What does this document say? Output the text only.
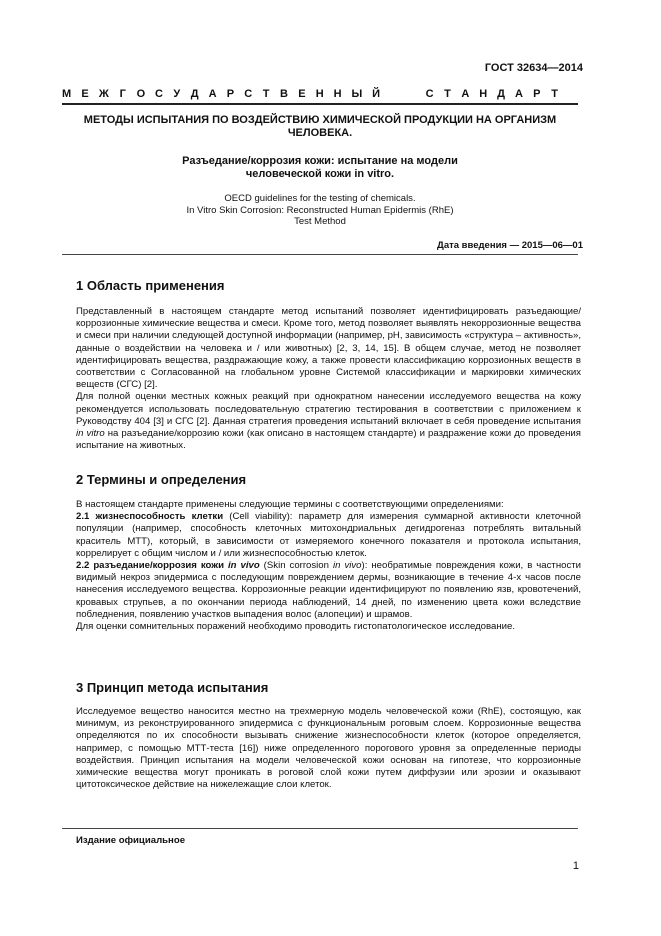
ГОСТ 32634—2014
М Е Ж Г О С У Д А Р С Т В Е Н Н Ы Й	С Т А Н Д А Р Т
МЕТОДЫ ИСПЫТАНИЯ ПО ВОЗДЕЙСТВИЮ ХИМИЧЕСКОЙ ПРОДУКЦИИ НА ОРГАНИЗМ
ЧЕЛОВЕКА.
Разъедание/коррозия кожи: испытание на модели
человеческой кожи in vitro.
OECD guidelines for the testing of chemicals.
In Vitro Skin Corrosion: Reconstructed Human Epidermis (RhE)
Test Method
Дата введения — 2015—06—01
1 Область применения

Представленный в настоящем стандарте метод испытаний позволяет идентифицировать разъедающие/коррозионные химические вещества и смеси. Кроме того, метод позволяет выявлять некоррозионные вещества и смеси при наличии следующей доступной информации (например, pH, зависимость «структура – активность», данные о воздействии на человека и / или животных) [2, 3, 14, 15]. В общем случае, метод не позволяет идентифицировать вещества, раздражающие кожу, а также провести классификацию коррозионных веществ в соответствии с Согласованной на глобальном уровне Системой классификации и маркировки химических веществ (СГС) [2].

Для полной оценки местных кожных реакций при однократном нанесении исследуемого вещества на кожу рекомендуется использовать последовательную стратегию тестирования в соответствии с приложением к Руководству 404 [3] и СГС [2]. Данная стратегия проведения испытаний включает в себя проведение испытания in vitro на разъедание/коррозию кожи (как описано в настоящем стандарте) и раздражение кожи до проведения испытание на животных.

2 Термины и определения

В настоящем стандарте применены следующие термины с соответствующими определениями:

2.1 жизнеспособность клетки (Cell viability): параметр для измерения суммарной активности клеточной популяции (например, способность клеточных митохондриальных дегидрогеназ потреблять витальный краситель МТТ), который, в зависимости от измеряемого конечного показателя и протокола испытания, коррелирует с общим числом и / или жизнеспособностью клеток.

2.2 разъедание/коррозия кожи in vivo (Skin corrosion in vivo): необратимые повреждения кожи, в частности видимый некроз эпидермиса с последующим повреждением дермы, возникающие в течение 4-х часов после нанесения исследуемого вещества. Коррозионные реакции идентифицируют по появлению язв, кровотечений, кровавых струпьев, а по окончании периода наблюдений, 14 дней, по изменению цвета кожи вследствие побледнения, появлению участков выпадения волос (алопеции) и шрамов.

Для оценки сомнительных поражений необходимо проводить гистопатологическое исследование.

3 Принцип метода испытания

Исследуемое вещество наносится местно на трехмерную модель человеческой кожи (RhE), состоящую, как минимум, из реконструированного эпидермиса с функциональным роговым слоем. Коррозионные вещества определяются по их способности вызывать снижение жизнеспособности клеток (которое определяется, например, с помощью МТТ-теста [16]) ниже определенного порогового уровня за определенные периоды воздействия. Принцип испытания на модели человеческой кожи основан на гипотезе, что коррозионные химические вещества могут проникать в роговой слой кожи путем диффузии или эрозии и оказывают цитотоксическое действие на нижележащие слои клеток.

Издание официальное
1
